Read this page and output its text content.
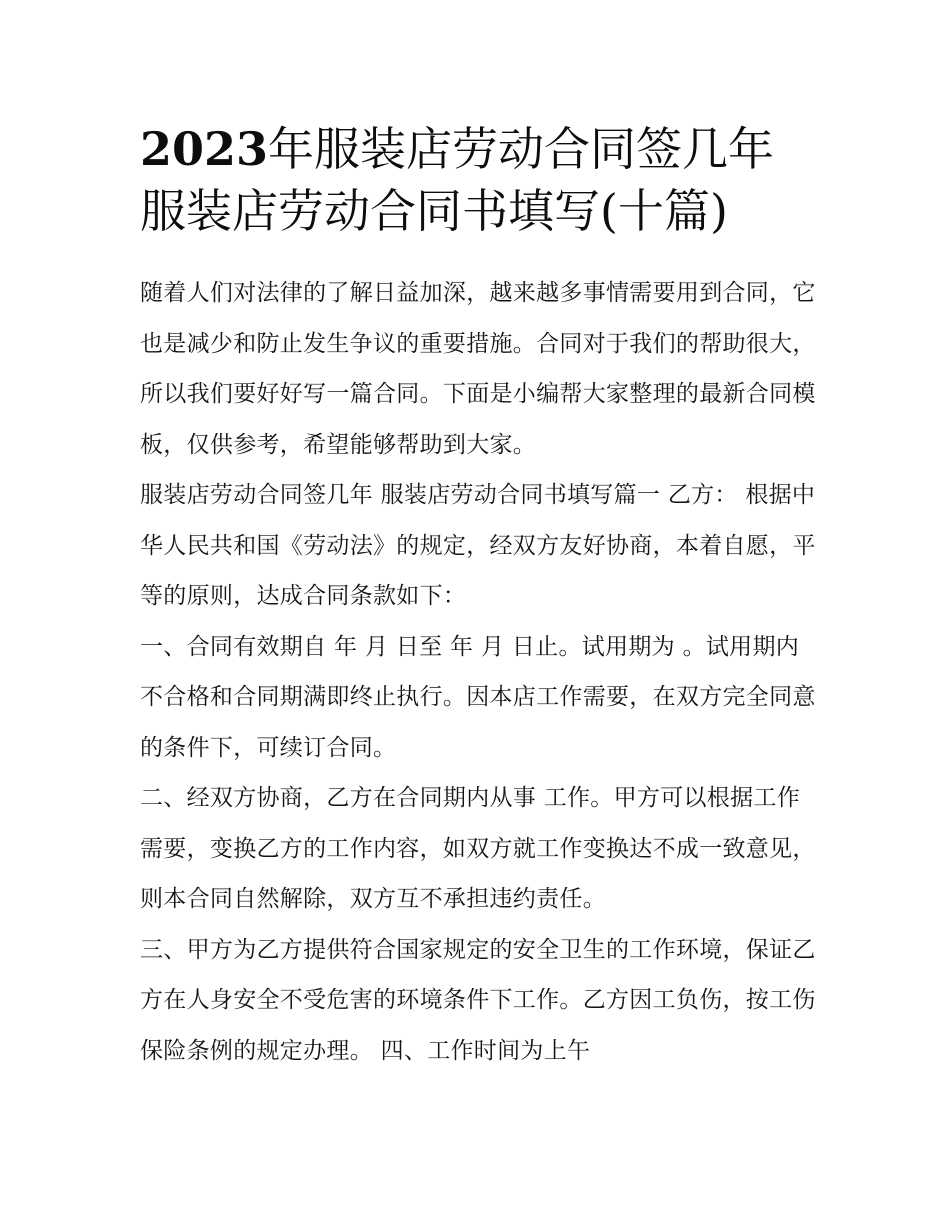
2023年服装店劳动合同签几年服装店劳动合同书填写(十篇)

随着人们对法律的了解日益加深，越来越多事情需要用到合同，它也是减少和防止发生争议的重要措施。合同对于我们的帮助很大，所以我们要好好写一篇合同。下面是小编帮大家整理的最新合同模板，仅供参考，希望能够帮助到大家。

服装店劳动合同签几年 服装店劳动合同书填写篇一 乙方： 根据中华人民共和国《劳动法》的规定，经双方友好协商，本着自愿，平等的原则，达成合同条款如下：

一、合同有效期自 年 月 日至 年 月 日止。试用期为 。试用期内不合格和合同期满即终止执行。因本店工作需要，在双方完全同意的条件下，可续订合同。

二、经双方协商，乙方在合同期内从事 工作。甲方可以根据工作需要，变换乙方的工作内容，如双方就工作变换达不成一致意见，则本合同自然解除，双方互不承担违约责任。

三、甲方为乙方提供符合国家规定的安全卫生的工作环境，保证乙方在人身安全不受危害的环境条件下工作。乙方因工负伤，按工伤保险条例的规定办理。 四、工作时间为上午
